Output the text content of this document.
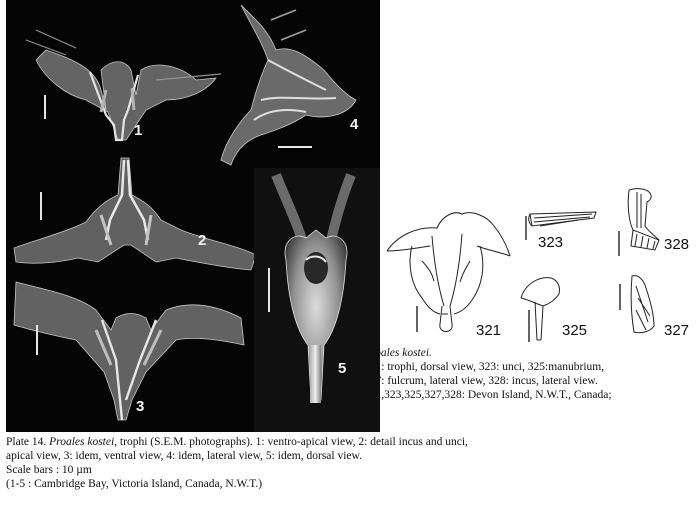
1
2
3
4
5
321
323	328
325	327
Proales kostei.
321: trophi, dorsal view, 323: unci, 325:manubrium,
327: fulcrum, lateral view, 328: incus, lateral view.
321,323,325,327,328: Devon Island, N.W.T., Canada;
Plate 14. Proales kostei, trophi (S.E.M. photographs). 1: ventro-apical view, 2: detail incus and unci,
apical view, 3: idem, ventral view, 4: idem, lateral view, 5: idem, dorsal view.
Scale bars : 10 µm
(1-5 : Cambridge Bay, Victoria Island, Canada, N.W.T.)
